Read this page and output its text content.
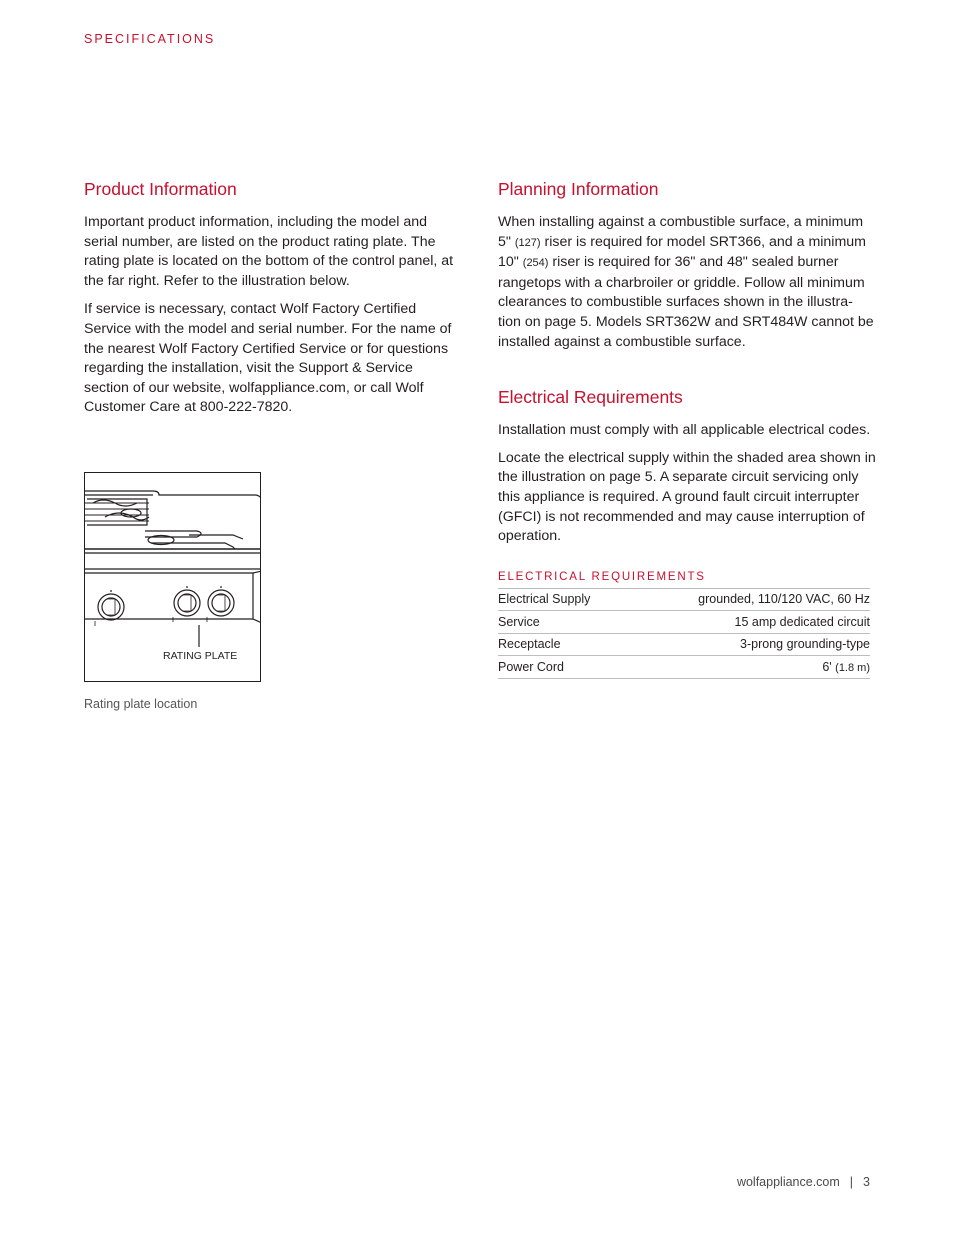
SPECIFICATIONS
Product Information

Important product information, including the model and serial number, are listed on the product rating plate. The rating plate is located on the bottom of the control panel, at the far right. Refer to the illustration below.

If service is necessary, contact Wolf Factory Certified Service with the model and serial number. For the name of the nearest Wolf Factory Certified Service or for questions regarding the installation, visit the Support & Service section of our website, wolfappliance.com, or call Wolf Customer Care at 800-222-7820.

RATING PLATE
Rating plate location
Planning Information

When installing against a combustible surface, a minimum 5" (127) riser is required for model SRT366, and a minimum 10" (254) riser is required for 36" and 48" sealed burner rangetops with a charbroiler or griddle. Follow all minimum clearances to combustible surfaces shown in the illustra- tion on page 5. Models SRT362W and SRT484W cannot be installed against a combustible surface.

Electrical Requirements

Installation must comply with all applicable electrical codes.

Locate the electrical supply within the shaded area shown in the illustration on page 5. A separate circuit servicing only this appliance is required. A ground fault circuit interrupter (GFCI) is not recommended and may cause interruption of operation.

ELECTRICAL REQUIREMENTS
Electrical Supply	grounded, 110/120 VAC, 60 Hz
Service	15 amp dedicated circuit
Receptacle	3-prong grounding-type
Power Cord	6' (1.8 m)
wolfappliance.com | 3
